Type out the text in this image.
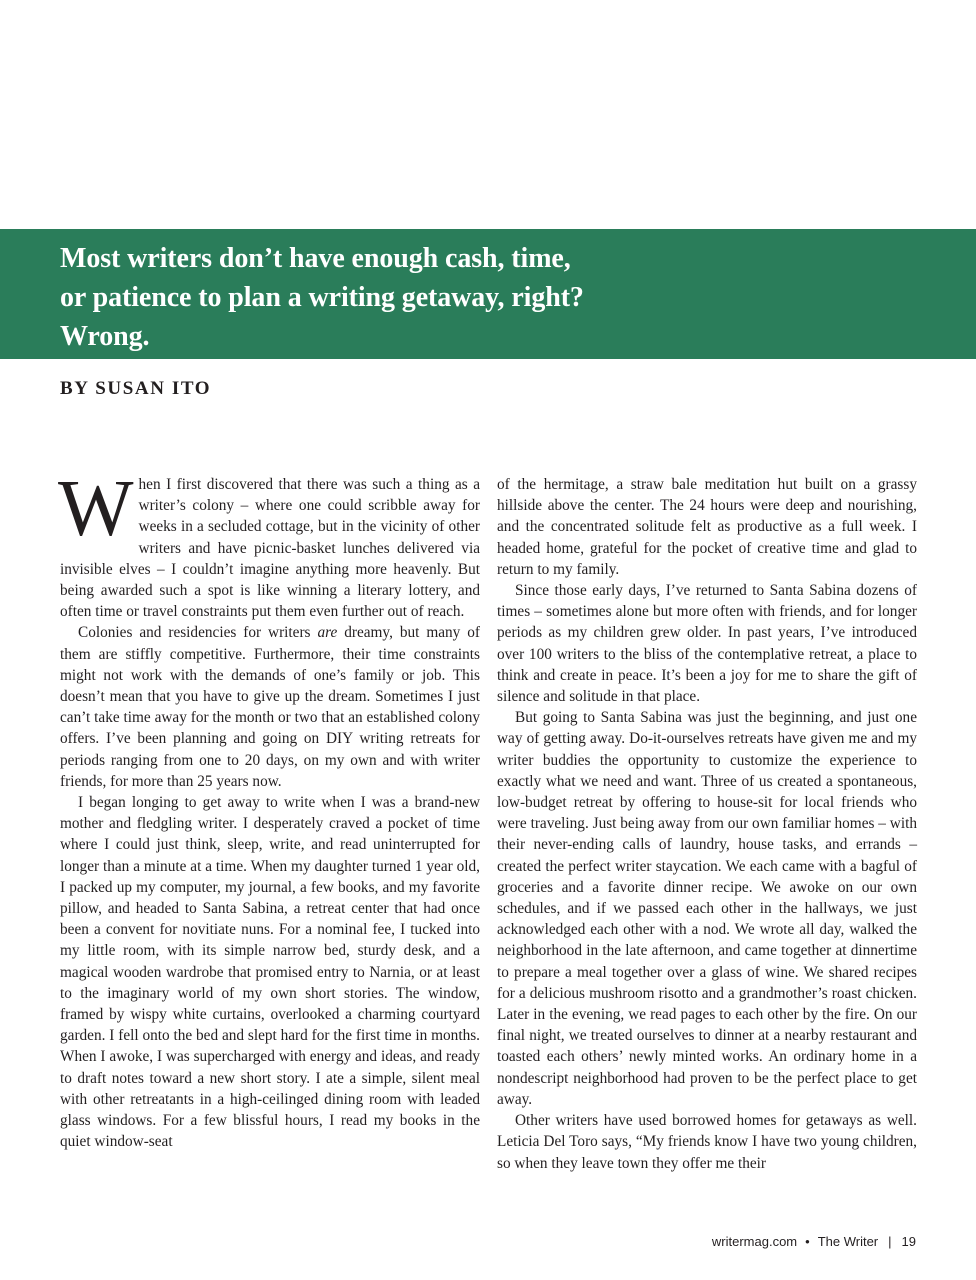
Most writers don’t have enough cash, time,
or patience to plan a writing getaway, right?
Wrong.
BY SUSAN ITO

When I first discovered that there was such a thing as a writer’s colony – where one could scribble away for weeks in a secluded cottage, but in the vicinity of other writers and have picnic-basket lunches delivered via invisible elves – I couldn’t imagine anything more heavenly. But being awarded such a spot is like winning a literary lottery, and often time or travel constraints put them even further out of reach.

Colonies and residencies for writers are dreamy, but many of them are stiffly competitive. Furthermore, their time constraints might not work with the demands of one’s family or job. This doesn’t mean that you have to give up the dream. Sometimes I just can’t take time away for the month or two that an established colony offers. I’ve been planning and going on DIY writing retreats for periods ranging from one to 20 days, on my own and with writer friends, for more than 25 years now.

I began longing to get away to write when I was a brand-new mother and fledgling writer. I desperately craved a pocket of time where I could just think, sleep, write, and read uninterrupted for longer than a minute at a time. When my daughter turned 1 year old, I packed up my computer, my journal, a few books, and my favorite pillow, and headed to Santa Sabina, a retreat center that had once been a convent for novitiate nuns. For a nominal fee, I tucked into my little room, with its simple narrow bed, sturdy desk, and a magical wooden wardrobe that promised entry to Narnia, or at least to the imaginary world of my own short stories. The window, framed by wispy white curtains, overlooked a charming courtyard garden. I fell onto the bed and slept hard for the first time in months. When I awoke, I was supercharged with energy and ideas, and ready to draft notes toward a new short story. I ate a simple, silent meal with other retreatants in a high-ceilinged dining room with leaded glass windows. For a few blissful hours, I read my books in the quiet window-seat

of the hermitage, a straw bale meditation hut built on a grassy hillside above the center. The 24 hours were deep and nourishing, and the concentrated solitude felt as productive as a full week. I headed home, grateful for the pocket of creative time and glad to return to my family.

Since those early days, I’ve returned to Santa Sabina dozens of times – sometimes alone but more often with friends, and for longer periods as my children grew older. In past years, I’ve introduced over 100 writers to the bliss of the contemplative retreat, a place to think and create in peace. It’s been a joy for me to share the gift of silence and solitude in that place.

But going to Santa Sabina was just the beginning, and just one way of getting away. Do-it-ourselves retreats have given me and my writer buddies the opportunity to customize the experience to exactly what we need and want. Three of us created a spontaneous, low-budget retreat by offering to house-sit for local friends who were traveling. Just being away from our own familiar homes – with their never-ending calls of laundry, house tasks, and errands – created the perfect writer staycation. We each came with a bagful of groceries and a favorite dinner recipe. We awoke on our own schedules, and if we passed each other in the hallways, we just acknowledged each other with a nod. We wrote all day, walked the neighborhood in the late afternoon, and came together at dinnertime to prepare a meal together over a glass of wine. We shared recipes for a delicious mushroom risotto and a grandmother’s roast chicken. Later in the evening, we read pages to each other by the fire. On our final night, we treated ourselves to dinner at a nearby restaurant and toasted each others’ newly minted works. An ordinary home in a nondescript neighborhood had proven to be the perfect place to get away.

Other writers have used borrowed homes for getaways as well. Leticia Del Toro says, “My friends know I have two young children, so when they leave town they offer me their

writermag.com • The Writer | 19
